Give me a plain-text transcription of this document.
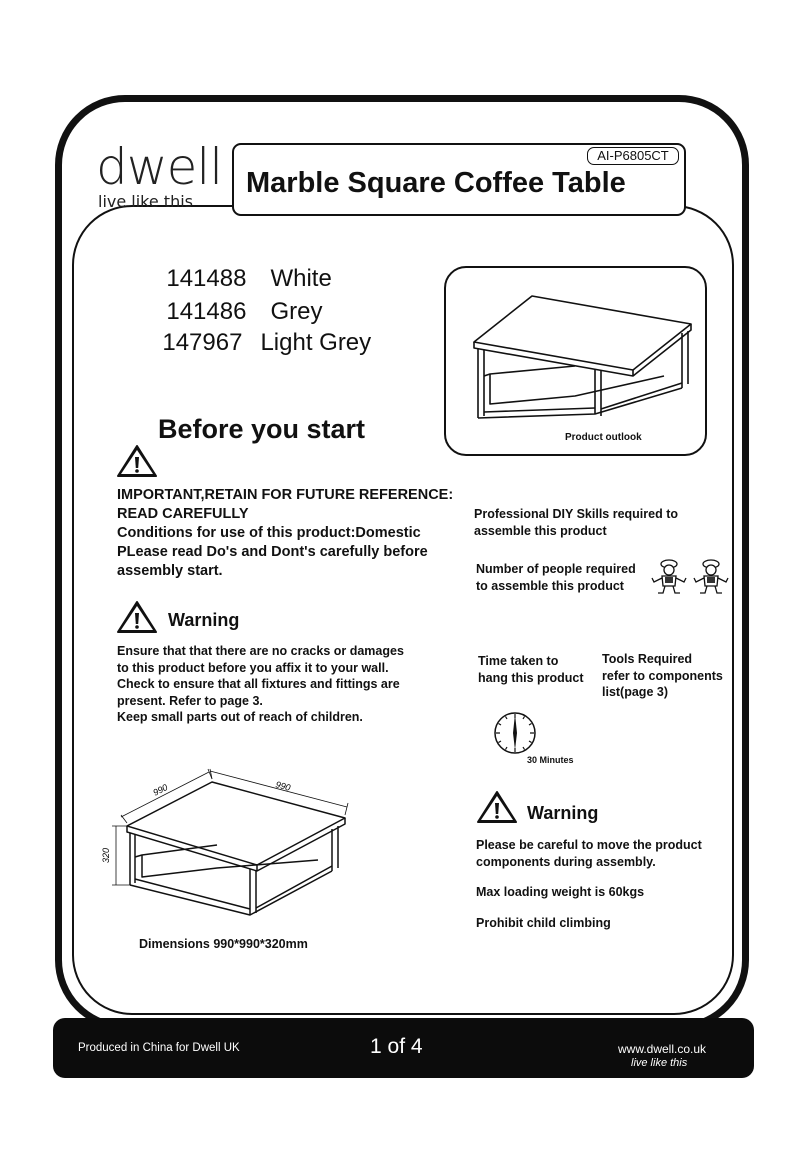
dwell
live like this
AI-P6805CT
Marble Square Coffee Table

141488 White

141486 Grey

147967 Light Grey

Product outlook
Before you start
IMPORTANT,RETAIN FOR FUTURE REFERENCE:
READ CAREFULLY
Conditions for use of this product:Domestic
PLease read Do's and Dont's carefully before
assembly start.
Warning
Ensure that that there are no cracks or damages
to this product before you affix it to your wall.
Check to ensure that all fixtures and fittings are
present. Refer to page 3.
Keep small parts out of reach of children.
990
990
320
Dimensions 990*990*320mm
Professional DIY Skills required to
assemble this product
Number of people required
to assemble this product
Time taken to
hang this product
Tools Required
refer to components
list(page 3)
30 Minutes
Warning
Please be careful to move the product
components during assembly.
Max loading weight is 60kgs
Prohibit child climbing
Produced in China for Dwell UK	1 of 4	www.dwell.co.uk
live like this
